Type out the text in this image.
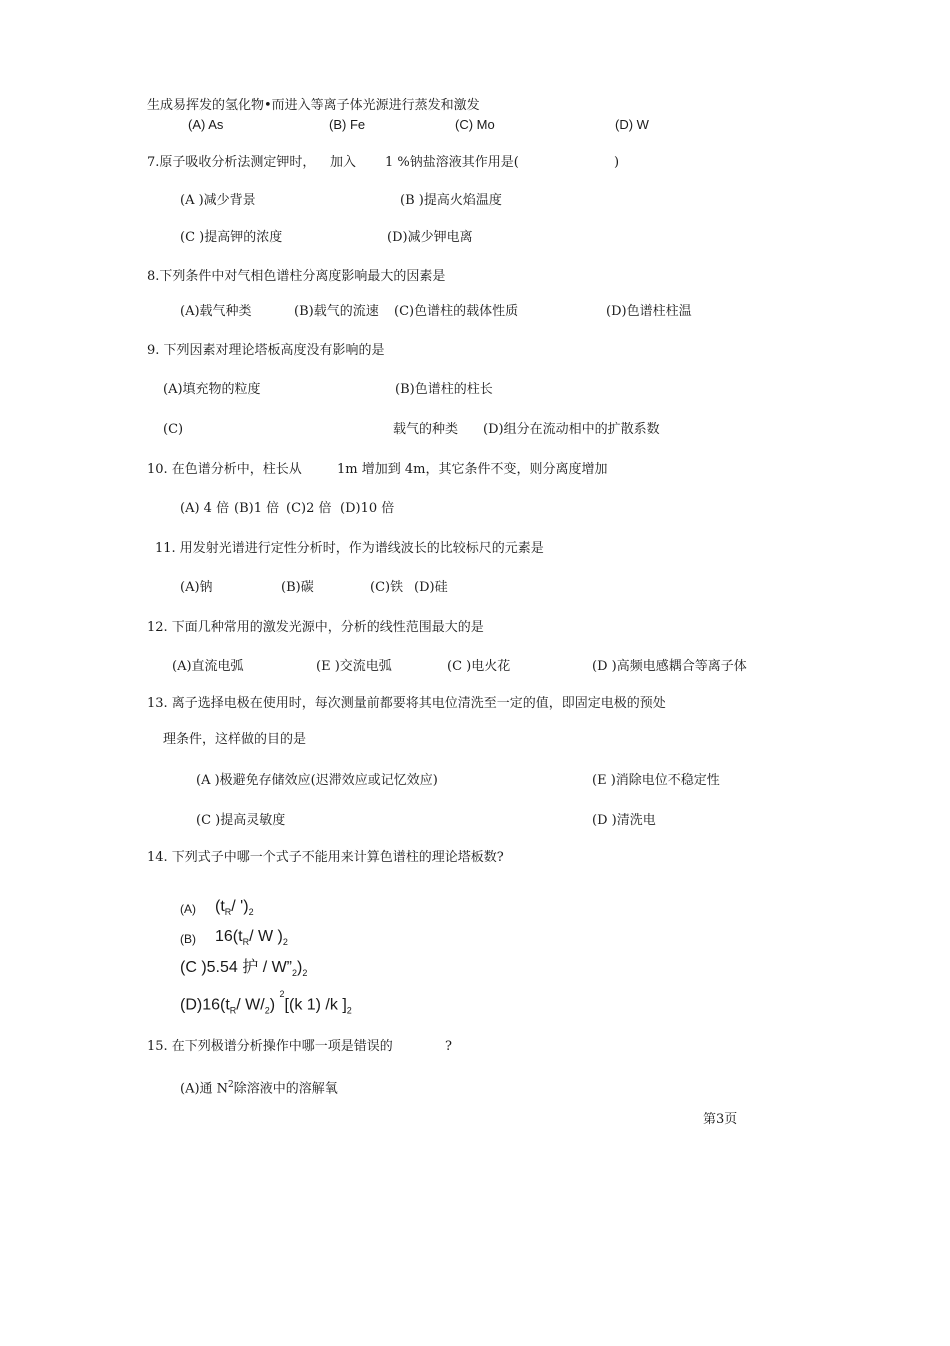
生成易挥发的氢化物•而进入等离子体光源进行蒸发和激发
(A) As	(B) Fe	(C) Mo	(D) W
7.原子吸收分析法测定钾时， 加入 1 %钠盐溶液其作用是(	)
(A )减少背景	(B )提高火焰温度
(C )提高钾的浓度	(D)减少钾电离
8.下列条件中对气相色谱柱分离度影响最大的因素是
(A)载气种类	(B)载气的流速 (C)色谱柱的载体性质	(D)色谱柱柱温
9. 下列因素对理论塔板高度没有影响的是
(A)填充物的粒度	(B)色谱柱的柱长
(C)	载气的种类 (D)组分在流动相中的扩散系数
10. 在色谱分析中，柱长从	1m 增加到 4m，其它条件不变，则分离度增加
(A) 4 倍 (B)1 倍 (C)2 倍 (D)10 倍
11. 用发射光谱进行定性分析时，作为谱线波长的比较标尺的元素是
(A)钠	(B)碳	(C)铁 (D)硅
12. 下面几种常用的激发光源中，分析的线性范围最大的是
(A)直流电弧	(E )交流电弧	(C )电火花	(D )高频电感耦合等离子体
13. 离子选择电极在使用时，每次测量前都要将其电位清洗至一定的值，即固定电极的预处
理条件，这样做的目的是
(A )极避免存储效应(迟滞效应或记忆效应)	(E )消除电位不稳定性
(C )提高灵敏度	(D )清洗电
14. 下列式子中哪一个式子不能用来计算色谱柱的理论塔板数?
(A) ($t_R/$ ')$_2$
(B) $16(t_R/$ W )$_2$
(C )5.54 护 / $W”_2)_2$
$(D)16(t_R/$ $W/_2$) $^2$[(k 1) /k ]$_2$
15. 在下列极谱分析操作中哪一项是错误的	?
(A)通 $N^2$除溶液中的溶解氧
第3页
